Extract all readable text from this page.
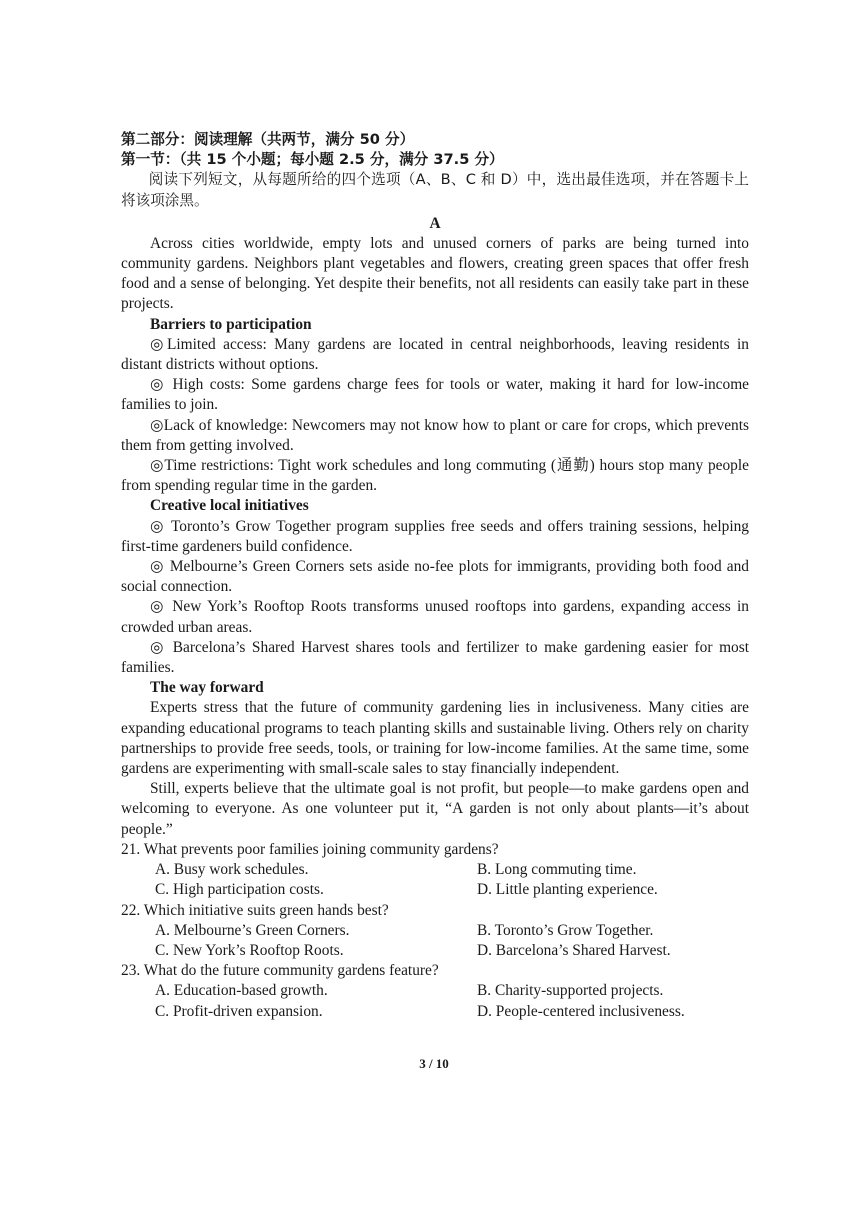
第二部分：阅读理解（共两节，满分 50 分）
第一节：（共 15 个小题；每小题 2.5 分，满分 37.5 分）
阅读下列短文，从每题所给的四个选项（A、B、C 和 D）中，选出最佳选项，并在答题卡上将该项涂黑。
A

Across cities worldwide, empty lots and unused corners of parks are being turned into community gardens. Neighbors plant vegetables and flowers, creating green spaces that offer fresh food and a sense of belonging. Yet despite their benefits, not all residents can easily take part in these projects.

Barriers to participation

◎Limited access: Many gardens are located in central neighborhoods, leaving residents in distant districts without options.

◎ High costs: Some gardens charge fees for tools or water, making it hard for low-income families to join.

◎Lack of knowledge: Newcomers may not know how to plant or care for crops, which prevents them from getting involved.

◎Time restrictions: Tight work schedules and long commuting (通勤) hours stop many people from spending regular time in the garden.

Creative local initiatives

◎ Toronto’s Grow Together program supplies free seeds and offers training sessions, helping first-time gardeners build confidence.

◎ Melbourne’s Green Corners sets aside no-fee plots for immigrants, providing both food and social connection.

◎ New York’s Rooftop Roots transforms unused rooftops into gardens, expanding access in crowded urban areas.

◎ Barcelona’s Shared Harvest shares tools and fertilizer to make gardening easier for most families.

The way forward

Experts stress that the future of community gardening lies in inclusiveness. Many cities are expanding educational programs to teach planting skills and sustainable living. Others rely on charity partnerships to provide free seeds, tools, or training for low-income families. At the same time, some gardens are experimenting with small-scale sales to stay financially independent.

Still, experts believe that the ultimate goal is not profit, but people—to make gardens open and welcoming to everyone. As one volunteer put it, “A garden is not only about plants—it’s about people.”

21. What prevents poor families joining community gardens?

A. Busy work schedules.	B. Long commuting time.
C. High participation costs.	D. Little planting experience.

22. Which initiative suits green hands best?

A. Melbourne’s Green Corners.	B. Toronto’s Grow Together.
C. New York’s Rooftop Roots.	D. Barcelona’s Shared Harvest.

23. What do the future community gardens feature?

A. Education-based growth.	B. Charity-supported projects.
C. Profit-driven expansion.	D. People-centered inclusiveness.
3 / 10
